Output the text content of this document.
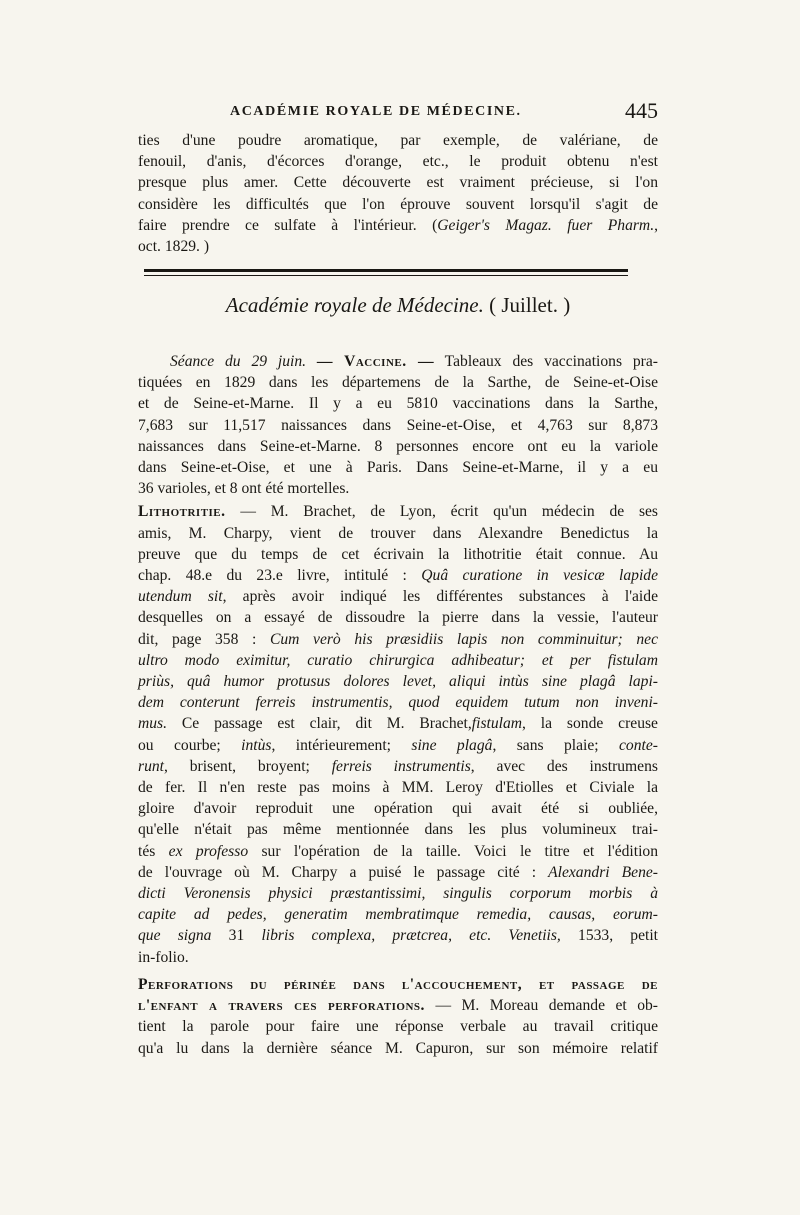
ACADÉMIE ROYALE DE MÉDECINE.	445

ties d'une poudre aromatique, par exemple, de valériane, de
fenouil, d'anis, d'écorces d'orange, etc., le produit obtenu n'est
presque plus amer. Cette découverte est vraiment précieuse, si l'on
considère les difficultés que l'on éprouve souvent lorsqu'il s'agit de
faire prendre ce sulfate à l'intérieur. (Geiger's Magaz. fuer Pharm.,
oct. 1829. )

Académie royale de Médecine. ( Juillet. )

Séance du 29 juin. — Vaccine. — Tableaux des vaccinations pra-
tiquées en 1829 dans les départemens de la Sarthe, de Seine-et-Oise
et de Seine-et-Marne. Il y a eu 5810 vaccinations dans la Sarthe,
7,683 sur 11,517 naissances dans Seine-et-Oise, et 4,763 sur 8,873
naissances dans Seine-et-Marne. 8 personnes encore ont eu la variole
dans Seine-et-Oise, et une à Paris. Dans Seine-et-Marne, il y a eu
36 varioles, et 8 ont été mortelles.

Lithotritie. — M. Brachet, de Lyon, écrit qu'un médecin de ses
amis, M. Charpy, vient de trouver dans Alexandre Benedictus la
preuve que du temps de cet écrivain la lithotritie était connue. Au
chap. 48.e du 23.e livre, intitulé : Quâ curatione in vesicæ lapide
utendum sit, après avoir indiqué les différentes substances à l'aide
desquelles on a essayé de dissoudre la pierre dans la vessie, l'auteur
dit, page 358 : Cum verò his præsidiis lapis non comminuitur; nec
ultro modo eximitur, curatio chirurgica adhibeatur; et per fistulam
priùs, quâ humor protusus dolores levet, aliqui intùs sine plagâ lapi-
dem conterunt ferreis instrumentis, quod equidem tutum non inveni-
mus. Ce passage est clair, dit M. Brachet,fistulam, la sonde creuse
ou courbe; intùs, intérieurement; sine plagâ, sans plaie; conte-
runt, brisent, broyent; ferreis instrumentis, avec des instrumens
de fer. Il n'en reste pas moins à MM. Leroy d'Etiolles et Civiale la
gloire d'avoir reproduit une opération qui avait été si oubliée,
qu'elle n'était pas même mentionnée dans les plus volumineux trai-
tés ex professo sur l'opération de la taille. Voici le titre et l'édition
de l'ouvrage où M. Charpy a puisé le passage cité : Alexandri Bene-
dicti Veronensis physici præstantissimi, singulis corporum morbis à
capite ad pedes, generatim membratimque remedia, causas, eorum-
que signa 31 libris complexa, prætcrea, etc. Venetiis, 1533, petit
in-folio.

Perforations du périnée dans l'accouchement, et passage de
l'enfant a travers ces perforations. — M. Moreau demande et ob-
tient la parole pour faire une réponse verbale au travail critique
qu'a lu dans la dernière séance M. Capuron, sur son mémoire relatif
